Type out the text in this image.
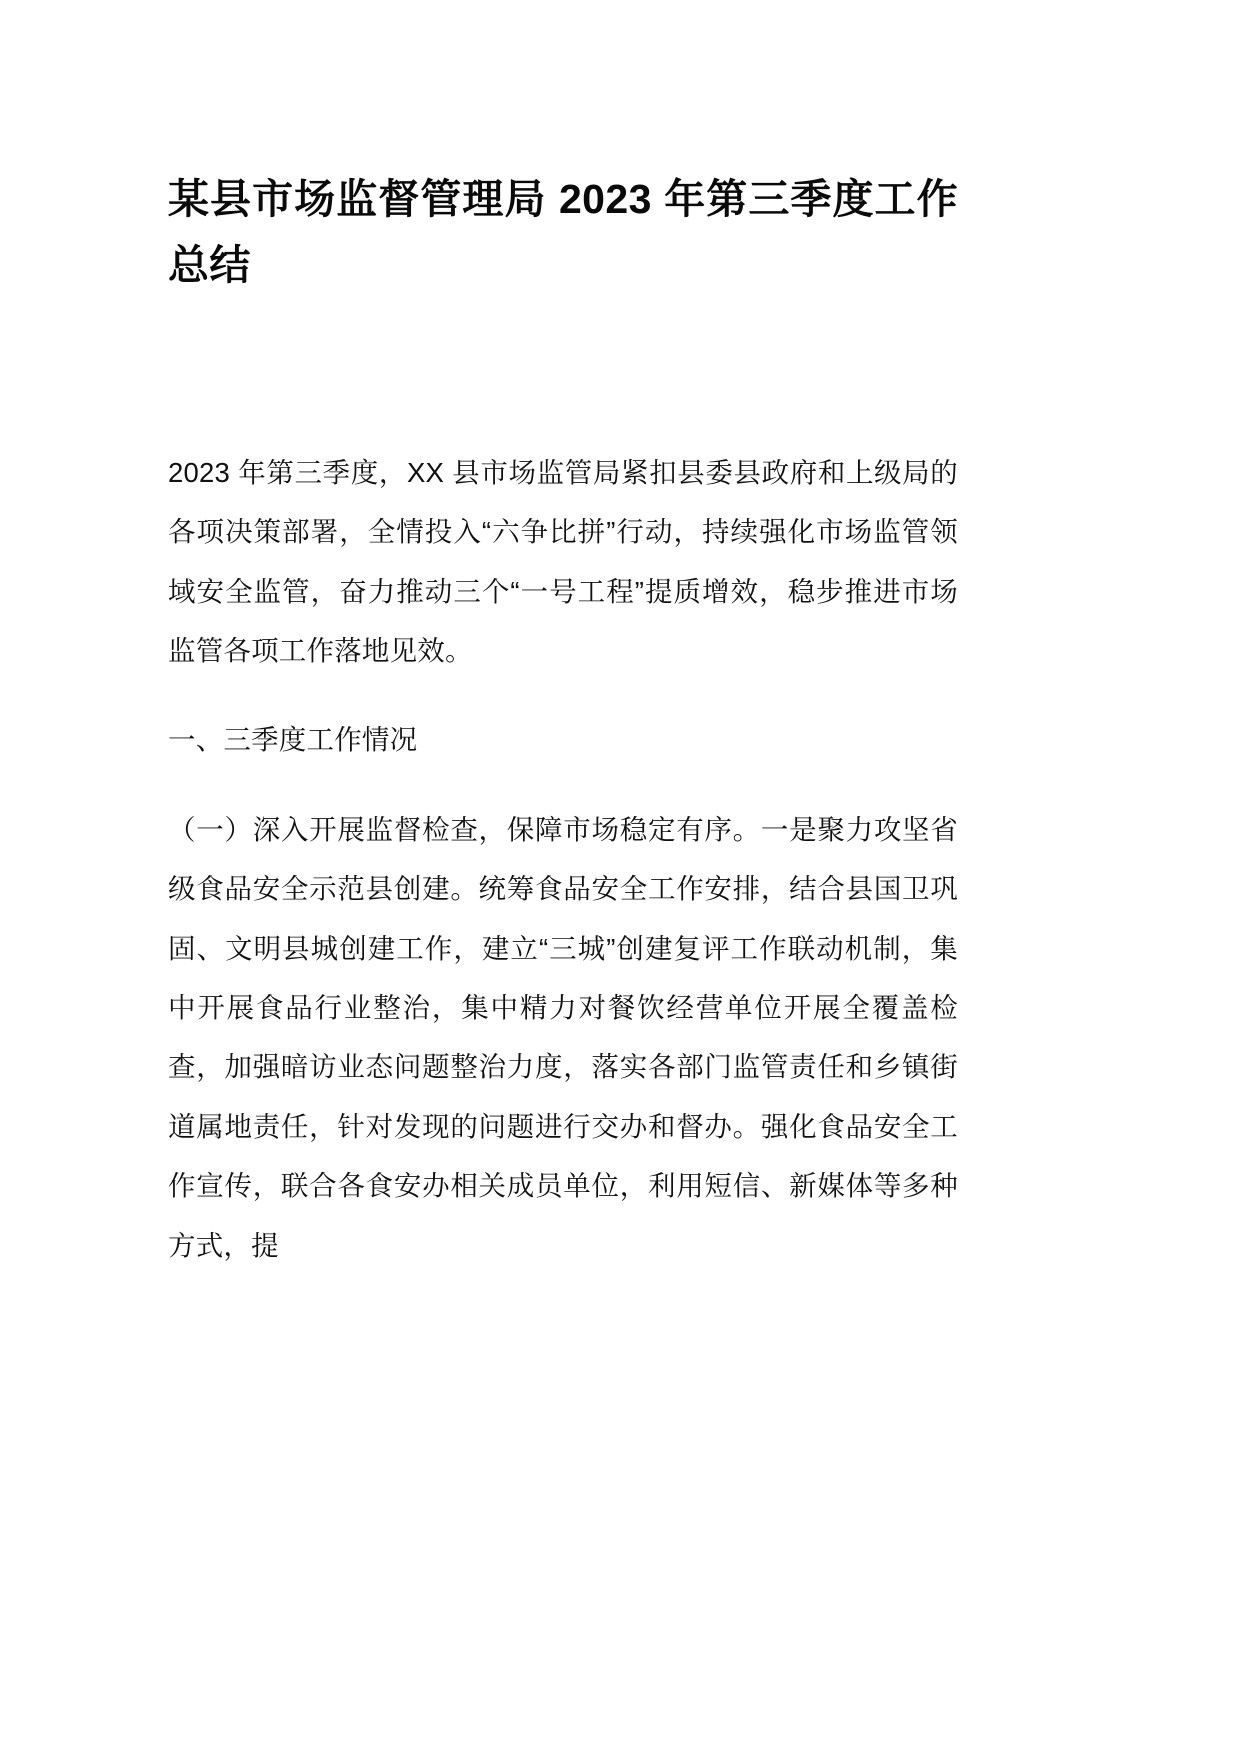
某县市场监督管理局 2023 年第三季度工作总结

2023 年第三季度，XX 县市场监管局紧扣县委县政府和上级局的各项决策部署，全情投入“六争比拼”行动，持续强化市场监管领域安全监管，奋力推动三个“一号工程”提质增效，稳步推进市场监管各项工作落地见效。

一、三季度工作情况

（一）深入开展监督检查，保障市场稳定有序。一是聚力攻坚省级食品安全示范县创建。统筹食品安全工作安排，结合县国卫巩固、文明县城创建工作，建立“三城”创建复评工作联动机制，集中开展食品行业整治，集中精力对餐饮经营单位开展全覆盖检查，加强暗访业态问题整治力度，落实各部门监管责任和乡镇街道属地责任，针对发现的问题进行交办和督办。强化食品安全工作宣传，联合各食安办相关成员单位，利用短信、新媒体等多种方式，提
